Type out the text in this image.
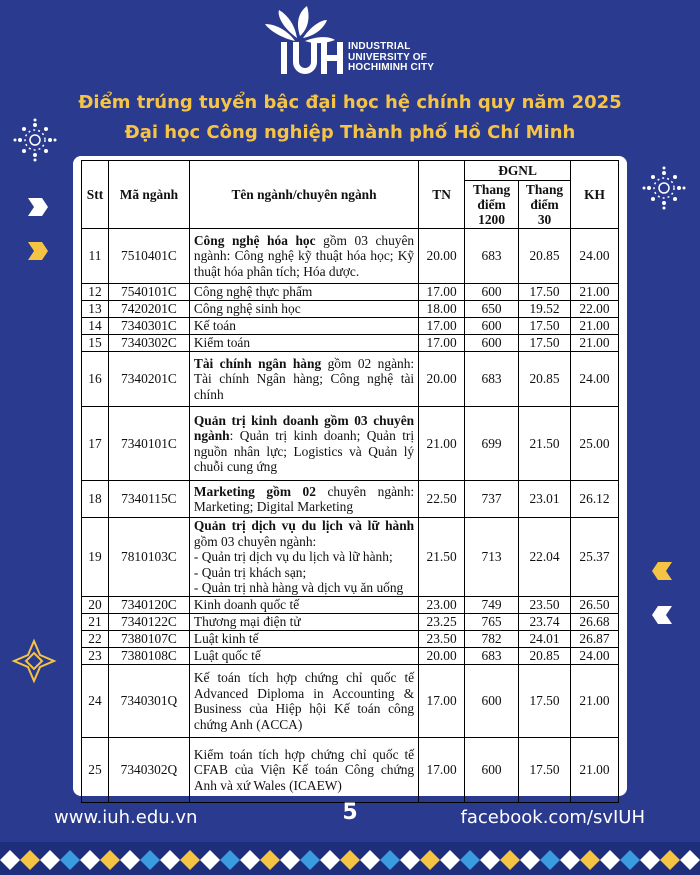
INDUSTRIAL
UNIVERSITY OF
HOCHIMINH CITY
Điểm trúng tuyển bậc đại học hệ chính quy năm 2025
Đại học Công nghiệp Thành phố Hồ Chí Minh
Stt	Mã ngành	Tên ngành/chuyên ngành	TN	ĐGNL		KH
				Thang điểm 1200	Thang điểm 30	
11	7510401C	Công nghệ hóa học gồm 03 chuyên ngành: Công nghệ kỹ thuật hóa học; Kỹ thuật hóa phân tích; Hóa dược.	20.00	683	20.85	24.00
12	7540101C	Công nghệ thực phẩm	17.00	600	17.50	21.00
13	7420201C	Công nghệ sinh học	18.00	650	19.52	22.00
14	7340301C	Kế toán	17.00	600	17.50	21.00
15	7340302C	Kiểm toán	17.00	600	17.50	21.00
16	7340201C	Tài chính ngân hàng gồm 02 ngành: Tài chính Ngân hàng; Công nghệ tài chính	20.00	683	20.85	24.00
17	7340101C	Quản trị kinh doanh gồm 03 chuyên ngành: Quản trị kinh doanh; Quản trị nguồn nhân lực; Logistics và Quản lý chuỗi cung ứng	21.00	699	21.50	25.00
18	7340115C	Marketing gồm 02 chuyên ngành: Marketing; Digital Marketing	22.50	737	23.01	26.12
19	7810103C	Quản trị dịch vụ du lịch và lữ hành gồm 03 chuyên ngành:
- Quản trị dịch vụ du lịch và lữ hành;
- Quản trị khách sạn;
- Quản trị nhà hàng và dịch vụ ăn uống	21.50	713	22.04	25.37
20	7340120C	Kinh doanh quốc tế	23.00	749	23.50	26.50
21	7340122C	Thương mại điện tử	23.25	765	23.74	26.68
22	7380107C	Luật kinh tế	23.50	782	24.01	26.87
23	7380108C	Luật quốc tế	20.00	683	20.85	24.00
24	7340301Q	Kế toán tích hợp chứng chỉ quốc tế Advanced Diploma in Accounting & Business của Hiệp hội Kế toán công chứng Anh (ACCA)	17.00	600	17.50	21.00
25	7340302Q	Kiểm toán tích hợp chứng chỉ quốc tế CFAB của Viện Kế toán Công chứng Anh và xứ Wales (ICAEW)	17.00	600	17.50	21.00
www.iuh.edu.vn	5	facebook.com/svIUH
